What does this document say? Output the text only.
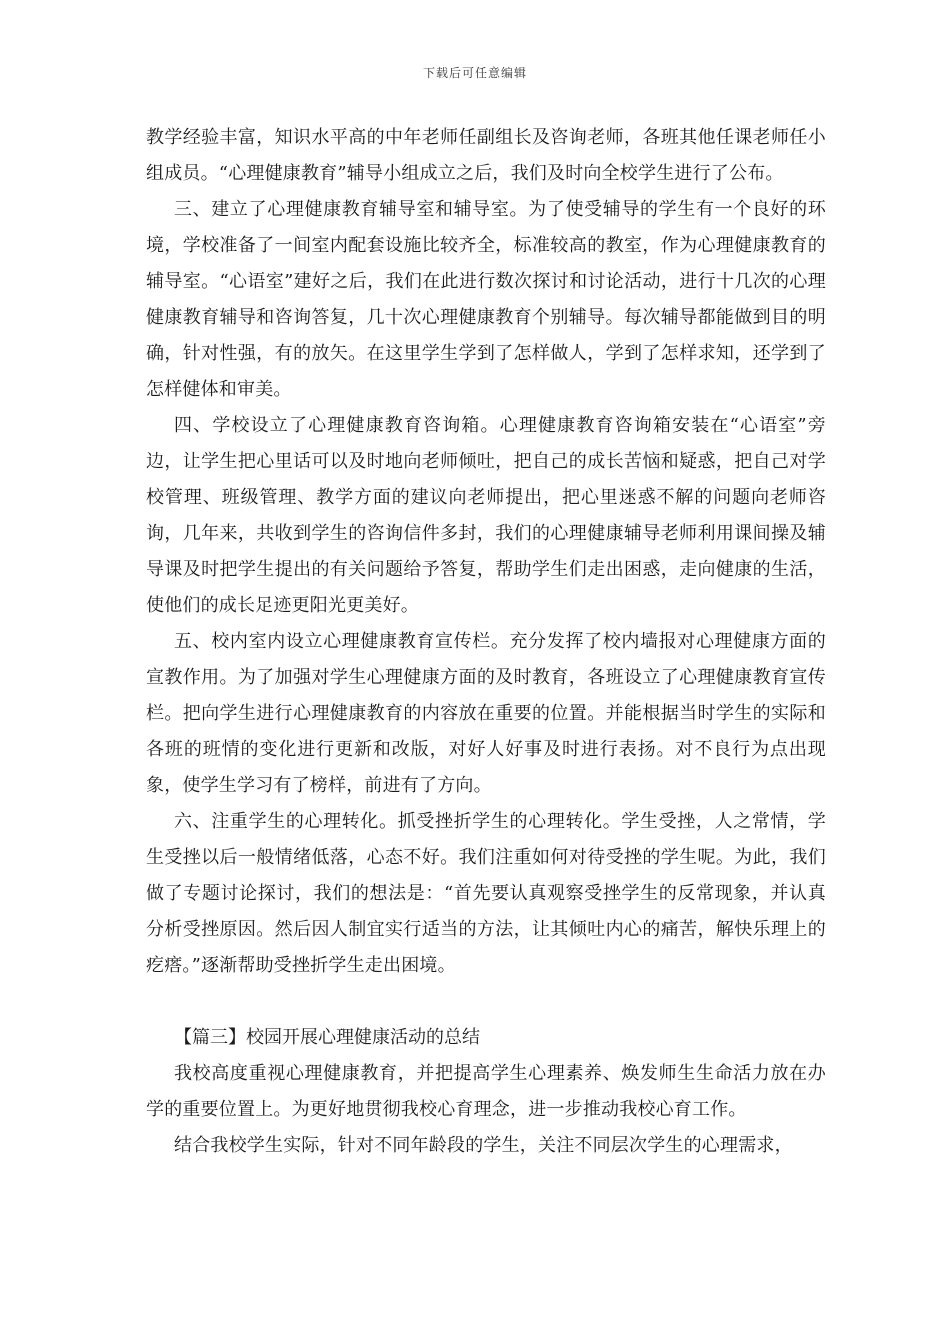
下载后可任意编辑

教学经验丰富，知识水平高的中年老师任副组长及咨询老师，各班其他任课老师任小组成员。“心理健康教育”辅导小组成立之后，我们及时向全校学生进行了公布。

三、建立了心理健康教育辅导室和辅导室。为了使受辅导的学生有一个良好的环境，学校准备了一间室内配套设施比较齐全，标准较高的教室，作为心理健康教育的辅导室。“心语室”建好之后，我们在此进行数次探讨和讨论活动，进行十几次的心理健康教育辅导和咨询答复，几十次心理健康教育个别辅导。每次辅导都能做到目的明确，针对性强，有的放矢。在这里学生学到了怎样做人，学到了怎样求知，还学到了怎样健体和审美。

四、学校设立了心理健康教育咨询箱。心理健康教育咨询箱安装在“心语室”旁边，让学生把心里话可以及时地向老师倾吐，把自己的成长苦恼和疑惑，把自己对学校管理、班级管理、教学方面的建议向老师提出，把心里迷惑不解的问题向老师咨询，几年来，共收到学生的咨询信件多封，我们的心理健康辅导老师利用课间操及辅导课及时把学生提出的有关问题给予答复，帮助学生们走出困惑，走向健康的生活，使他们的成长足迹更阳光更美好。

五、校内室内设立心理健康教育宣传栏。充分发挥了校内墙报对心理健康方面的宣教作用。为了加强对学生心理健康方面的及时教育，各班设立了心理健康教育宣传栏。把向学生进行心理健康教育的内容放在重要的位置。并能根据当时学生的实际和各班的班情的变化进行更新和改版，对好人好事及时进行表扬。对不良行为点出现象，使学生学习有了榜样，前进有了方向。

六、注重学生的心理转化。抓受挫折学生的心理转化。学生受挫，人之常情，学生受挫以后一般情绪低落，心态不好。我们注重如何对待受挫的学生呢。为此，我们做了专题讨论探讨，我们的想法是：“首先要认真观察受挫学生的反常现象，并认真分析受挫原因。然后因人制宜实行适当的方法，让其倾吐内心的痛苦，解快乐理上的疙瘩。”逐渐帮助受挫折学生走出困境。

【篇三】校园开展心理健康活动的总结

我校高度重视心理健康教育，并把提高学生心理素养、焕发师生生命活力放在办学的重要位置上。为更好地贯彻我校心育理念，进一步推动我校心育工作。

结合我校学生实际，针对不同年龄段的学生，关注不同层次学生的心理需求，
